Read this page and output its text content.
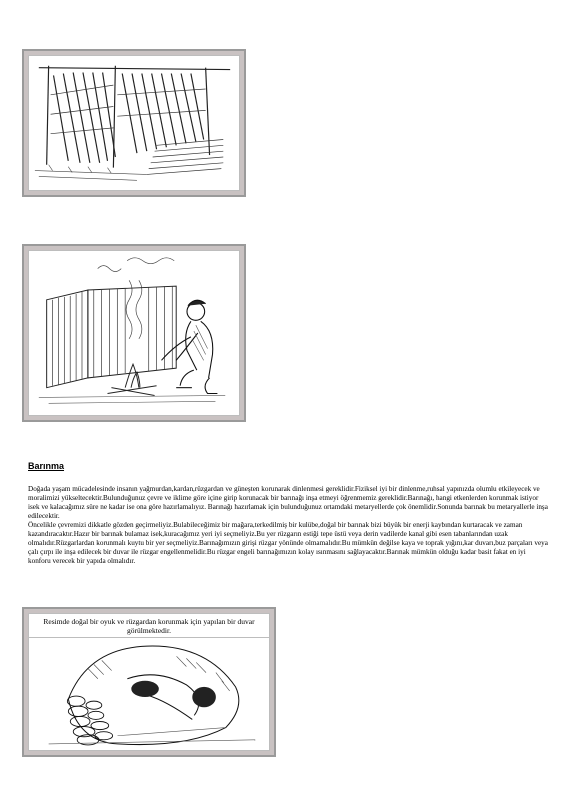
Barınma

Doğada yaşam mücadelesinde insanın yağmurdan,kardan,rüzgardan ve güneşten korunarak dinlenmesi gereklidir.Fiziksel iyi bir dinlenme,ruhsal yapınızda olumlu etkileyecek ve moralimizi yükseltecektir.Bulunduğunuz çevre ve iklime göre içine girip korunacak bir barınağı inşa etmeyi öğrenmemiz gereklidir.Barınağı, hangi etkenlerden korunmak istiyor isek ve kalacağımız süre ne kadar ise ona göre hazırlamalıyız. Barınağı hazırlamak için bulunduğunuz ortamdaki metaryellerde çok önemlidir.Sonunda barınak bu metaryallerle inşa edilecektir.

Öncelikle çevremizi dikkatle gözden geçirmeliyiz.Bulabileceğimiz bir mağara,terkedilmiş bir kulübe,doğal bir barınak bizi büyük bir enerji kaybından kurtaracak ve zaman kazandıracaktır.Hazır bir barınak bulamaz isek,kuracağımız yeri iyi seçmeliyiz.Bu yer rüzgarın estiği tepe üstü veya derin vadilerde kanal gibi esen tabanlarından uzak olmalıdır.Rüzgarlardan korunmalı kuytu bir yer seçmeliyiz.Barınağımızın girişi rüzgar yönünde olmamalıdır.Bu mümkün değilse kaya ve toprak yığını,kar duvarı,buz parçaları veya çalı çırpı ile inşa edilecek bir duvar ile rüzgar engellenmelidir.Bu rüzgar engeli barınağımızın kolay ısınmasını sağlayacaktır.Barınak mümkün olduğu kadar basit fakat en iyi konforu verecek bir yapıda olmalıdır.

Resimde doğal bir oyuk ve rüzgardan korunmak için yapılan bir duvar görülmektedir.
